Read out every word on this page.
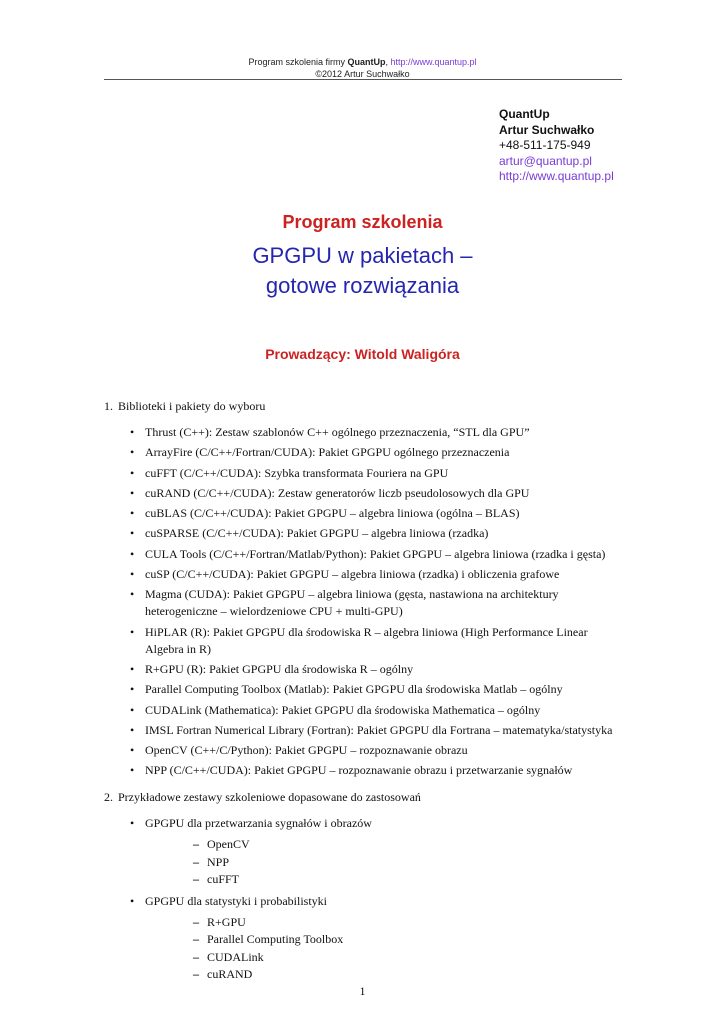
Program szkolenia firmy QuantUp, http://www.quantup.pl
©2012 Artur Suchwałko
QuantUp
Artur Suchwałko
+48-511-175-949
artur@quantup.pl
http://www.quantup.pl
Program szkolenia
GPGPU w pakietach –
gotowe rozwiązania
Prowadzący: Witold Waligóra
1. Biblioteki i pakiety do wyboru
• Thrust (C++): Zestaw szablonów C++ ogólnego przeznaczenia, “STL dla GPU”
• ArrayFire (C/C++/Fortran/CUDA): Pakiet GPGPU ogólnego przeznaczenia
• cuFFT (C/C++/CUDA): Szybka transformata Fouriera na GPU
• cuRAND (C/C++/CUDA): Zestaw generatorów liczb pseudolosowych dla GPU
• cuBLAS (C/C++/CUDA): Pakiet GPGPU – algebra liniowa (ogólna – BLAS)
• cuSPARSE (C/C++/CUDA): Pakiet GPGPU – algebra liniowa (rzadka)
• CULA Tools (C/C++/Fortran/Matlab/Python): Pakiet GPGPU – algebra liniowa (rzadka i gęsta)
• cuSP (C/C++/CUDA): Pakiet GPGPU – algebra liniowa (rzadka) i obliczenia grafowe
• Magma (CUDA): Pakiet GPGPU – algebra liniowa (gęsta, nastawiona na architektury heterogeniczne – wielordzeniowe CPU + multi-GPU)
• HiPLAR (R): Pakiet GPGPU dla środowiska R – algebra liniowa (High Performance Linear Algebra in R)
• R+GPU (R): Pakiet GPGPU dla środowiska R – ogólny
• Parallel Computing Toolbox (Matlab): Pakiet GPGPU dla środowiska Matlab – ogólny
• CUDALink (Mathematica): Pakiet GPGPU dla środowiska Mathematica – ogólny
• IMSL Fortran Numerical Library (Fortran): Pakiet GPGPU dla Fortrana – matematyka/statystyka
• OpenCV (C++/C/Python): Pakiet GPGPU – rozpoznawanie obrazu
• NPP (C/C++/CUDA): Pakiet GPGPU – rozpoznawanie obrazu i przetwarzanie sygnałów
2. Przykładowe zestawy szkoleniowe dopasowane do zastosowań
• GPGPU dla przetwarzania sygnałów i obrazów
– OpenCV
– NPP
– cuFFT
• GPGPU dla statystyki i probabilistyki
– R+GPU
– Parallel Computing Toolbox
– CUDALink
– cuRAND
1
